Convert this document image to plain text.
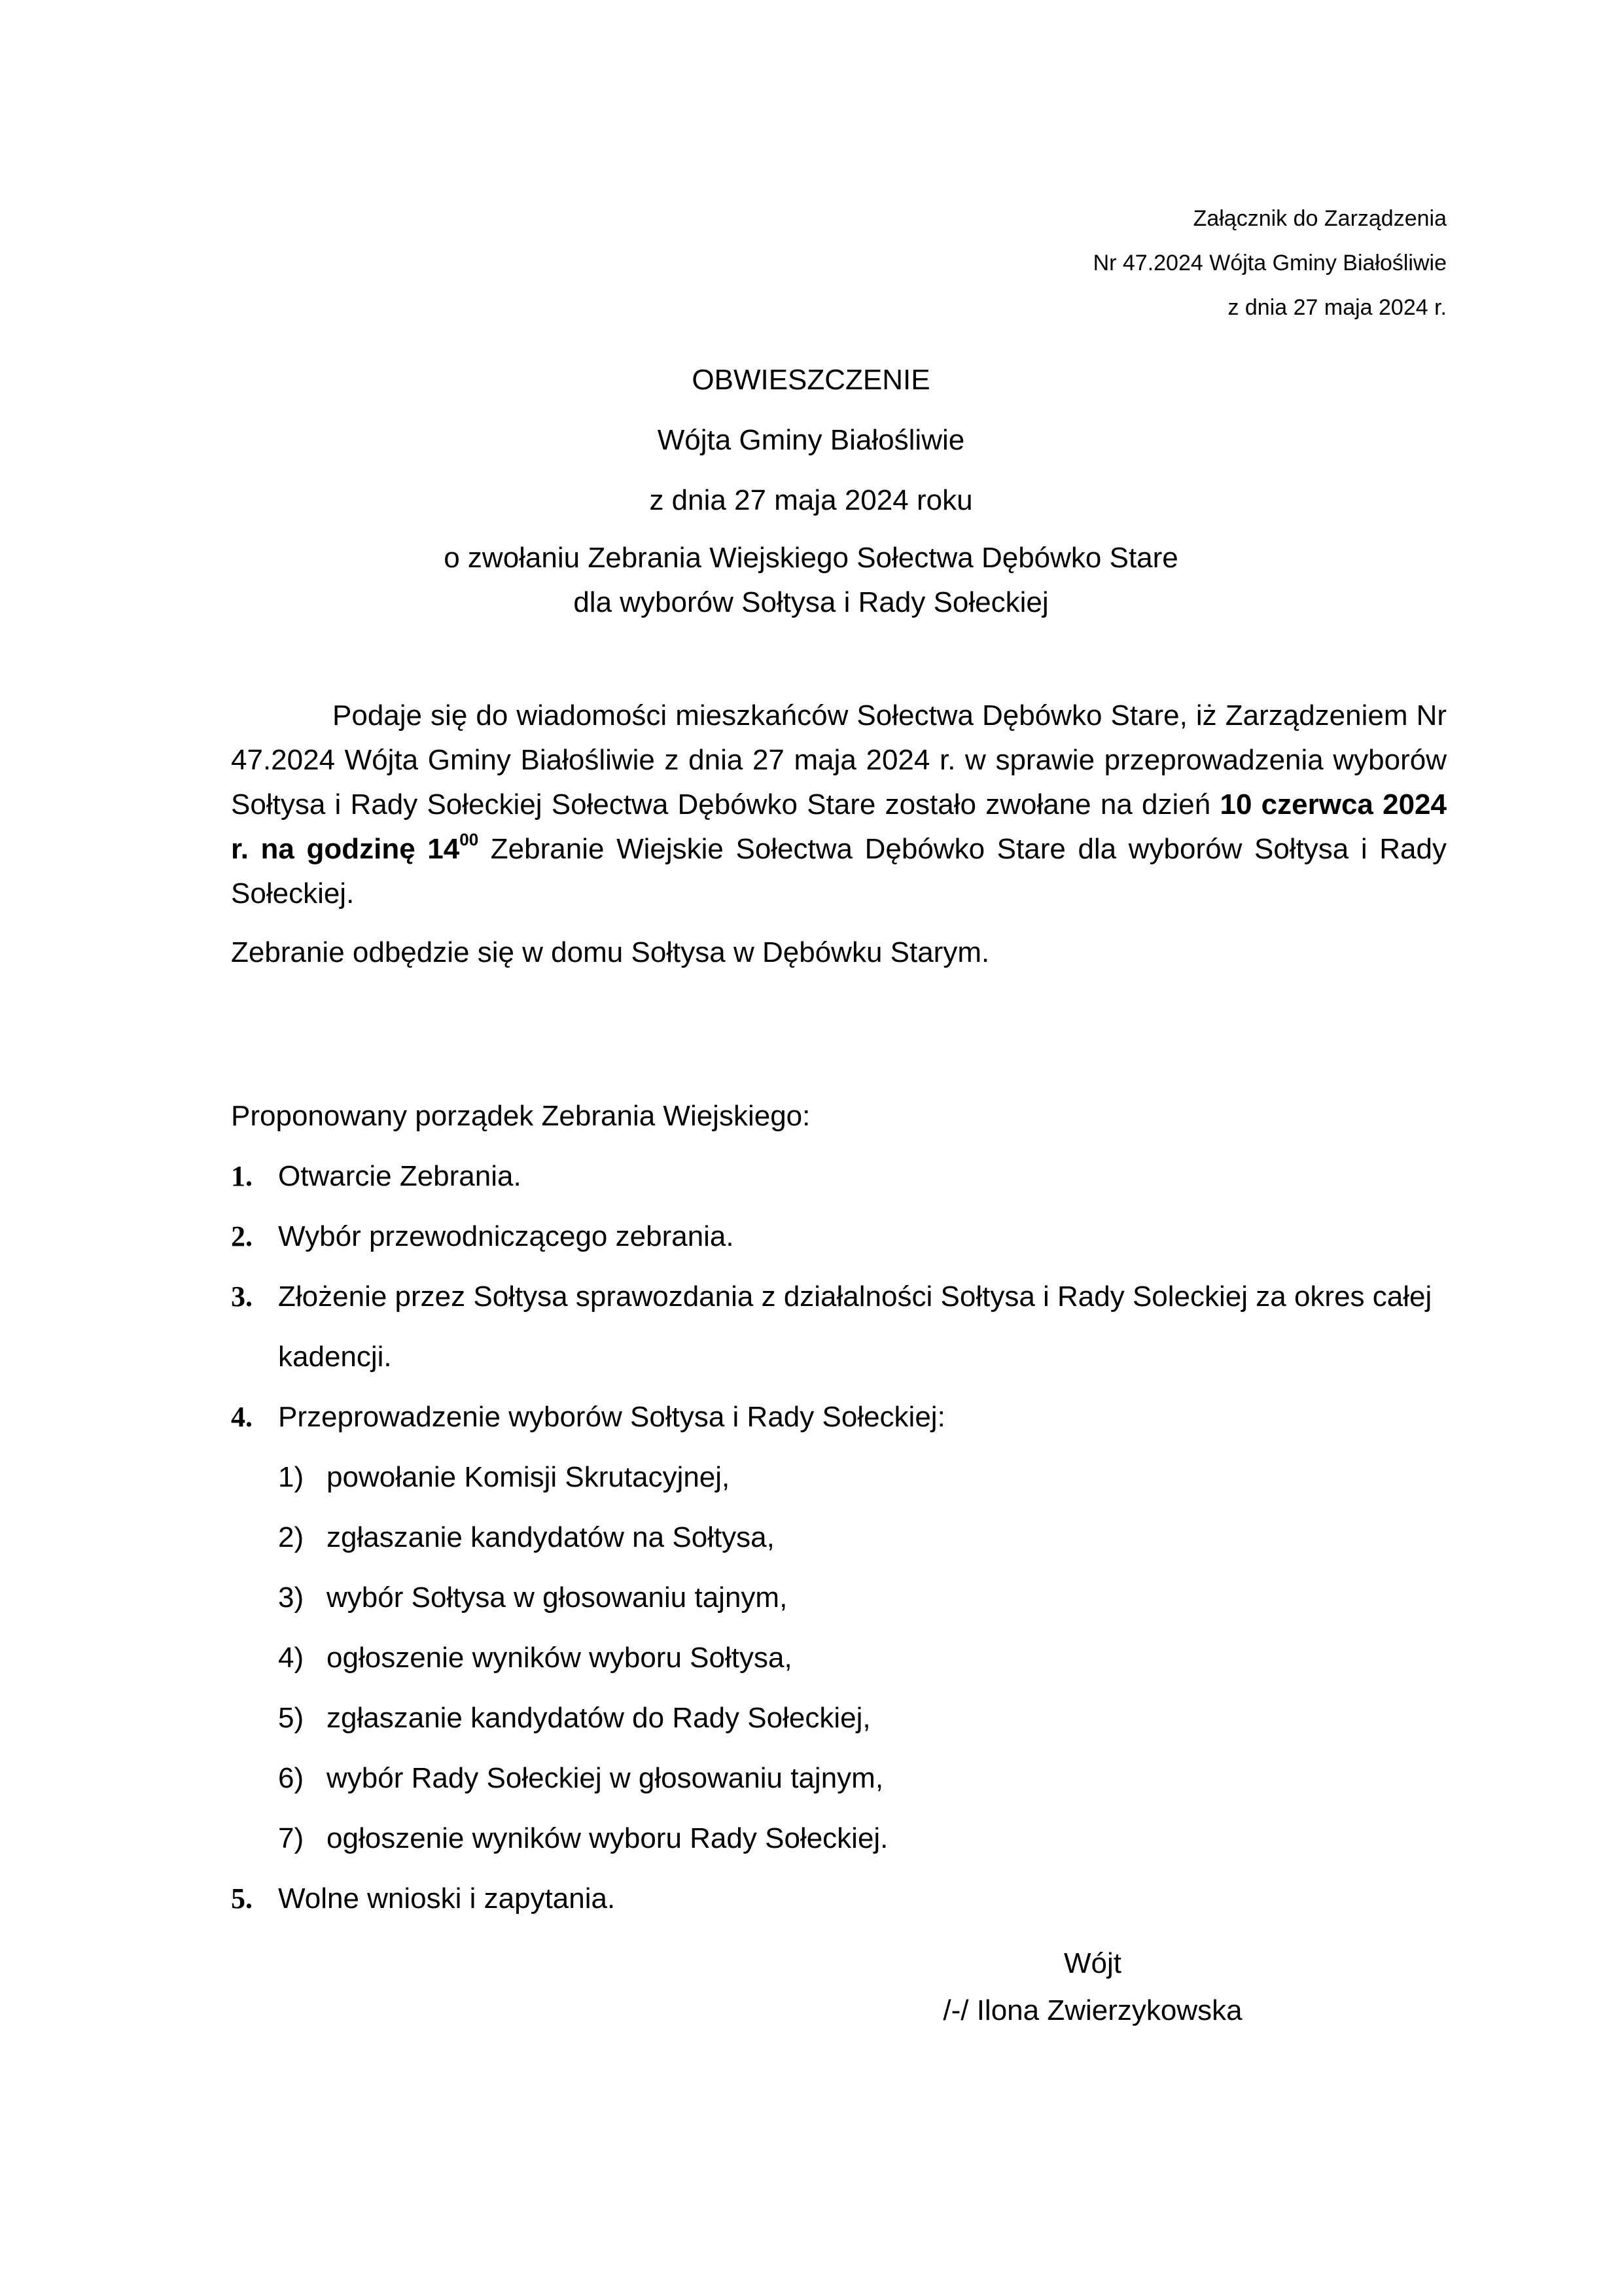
Załącznik do Zarządzenia
Nr 47.2024 Wójta Gminy Białośliwie
z dnia 27 maja 2024 r.
OBWIESZCZENIE
Wójta Gminy Białośliwie
z dnia 27 maja 2024 roku
o zwołaniu Zebrania Wiejskiego Sołectwa Dębówko Stare
dla wyborów Sołtysa i Rady Sołeckiej
Podaje się do wiadomości mieszkańców Sołectwa Dębówko Stare, iż Zarządzeniem Nr 47.2024 Wójta Gminy Białośliwie z dnia 27 maja 2024 r. w sprawie przeprowadzenia wyborów Sołtysa i Rady Sołeckiej Sołectwa Dębówko Stare zostało zwołane na dzień 10 czerwca 2024 r. na godzinę $14^{00}$ Zebranie Wiejskie Sołectwa Dębówko Stare dla wyborów Sołtysa i Rady Sołeckiej.
Zebranie odbędzie się w domu Sołtysa w Dębówku Starym.
Proponowany porządek Zebrania Wiejskiego:
1. Otwarcie Zebrania.
2. Wybór przewodniczącego zebrania.
3. Złożenie przez Sołtysa sprawozdania z działalności Sołtysa i Rady Soleckiej za okres całej
kadencji.
4. Przeprowadzenie wyborów Sołtysa i Rady Sołeckiej:
1) powołanie Komisji Skrutacyjnej,
2) zgłaszanie kandydatów na Sołtysa,
3) wybór Sołtysa w głosowaniu tajnym,
4) ogłoszenie wyników wyboru Sołtysa,
5) zgłaszanie kandydatów do Rady Sołeckiej,
6) wybór Rady Sołeckiej w głosowaniu tajnym,
7) ogłoszenie wyników wyboru Rady Sołeckiej.
5. Wolne wnioski i zapytania.
Wójt
/-/ Ilona Zwierzykowska
